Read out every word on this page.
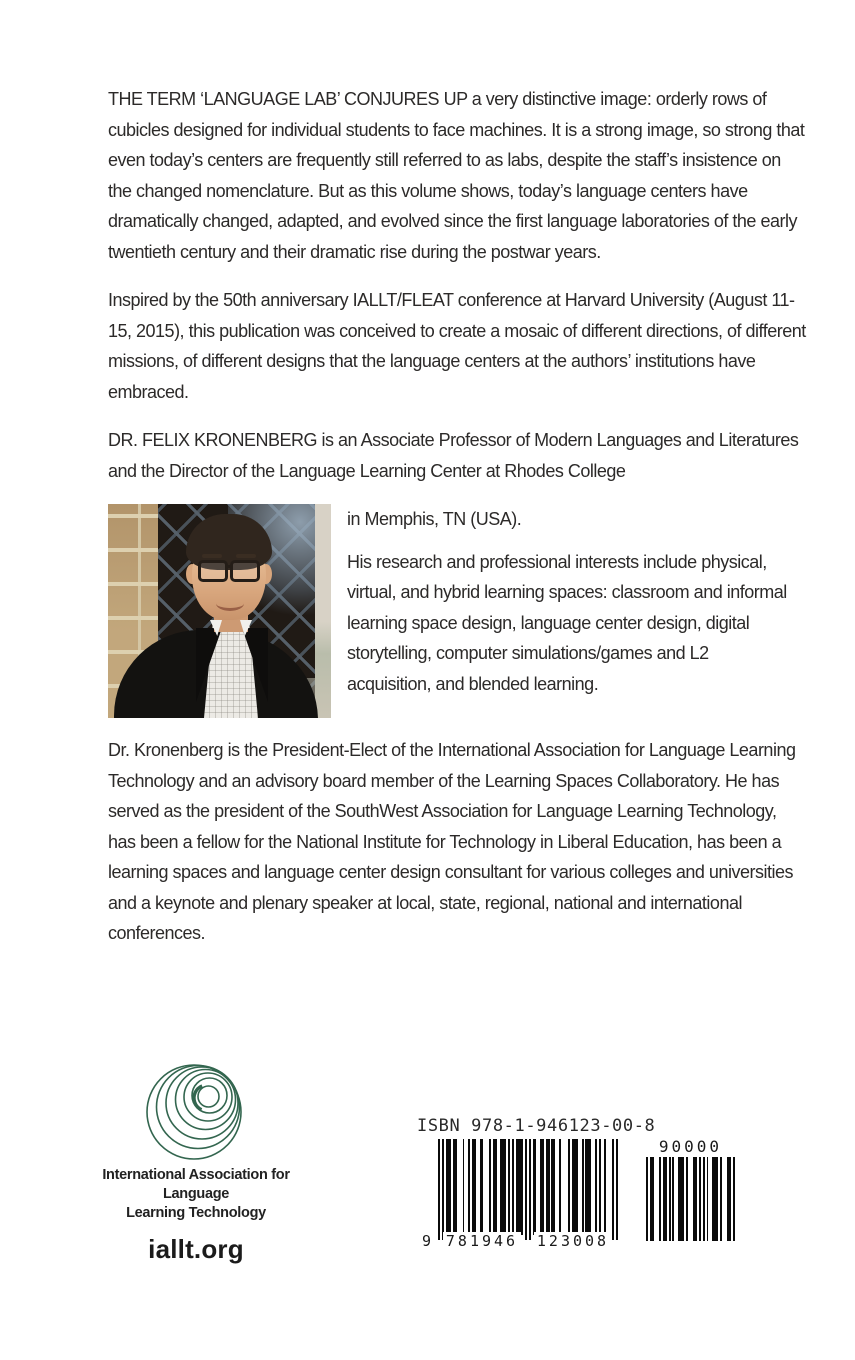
THE TERM ‘LANGUAGE LAB’ CONJURES UP a very distinctive image: orderly rows of cubicles designed for individual students to face machines. It is a strong image, so strong that even today’s centers are frequently still referred to as labs, despite the staff’s insistence on the changed nomenclature. But as this volume shows, today’s language centers have dramatically changed, adapted, and evolved since the first language laboratories of the early twentieth century and their dramatic rise during the postwar years.

Inspired by the 50th anniversary IALLT/FLEAT conference at Harvard University (August 11-15, 2015), this publication was conceived to create a mosaic of different directions, of different missions, of different designs that the language centers at the authors’ institutions have embraced.

DR. FELIX KRONENBERG is an Associate Professor of Modern Languages and Literatures and the Director of the Language Learning Center at Rhodes College

in Memphis, TN (USA).

His research and professional interests include physical, virtual, and hybrid learning spaces: classroom and informal learning space design, language center design, digital storytelling, computer simulations/games and L2 acquisition, and blended learning.

Dr. Kronenberg is the President-Elect of the International Association for Language Learning Technology and an advisory board member of the Learning Spaces Collaboratory. He has served as the president of the SouthWest Association for Language Learning Technology, has been a fellow for the National Institute for Technology in Liberal Education, has been a learning spaces and language center design consultant for various colleges and universities and a keynote and plenary speaker at local, state, regional, national and international conferences.

International Association for Language
Learning Technology
iallt.org
ISBN 978-1-946123-00-8
9 781946 123008
90000
